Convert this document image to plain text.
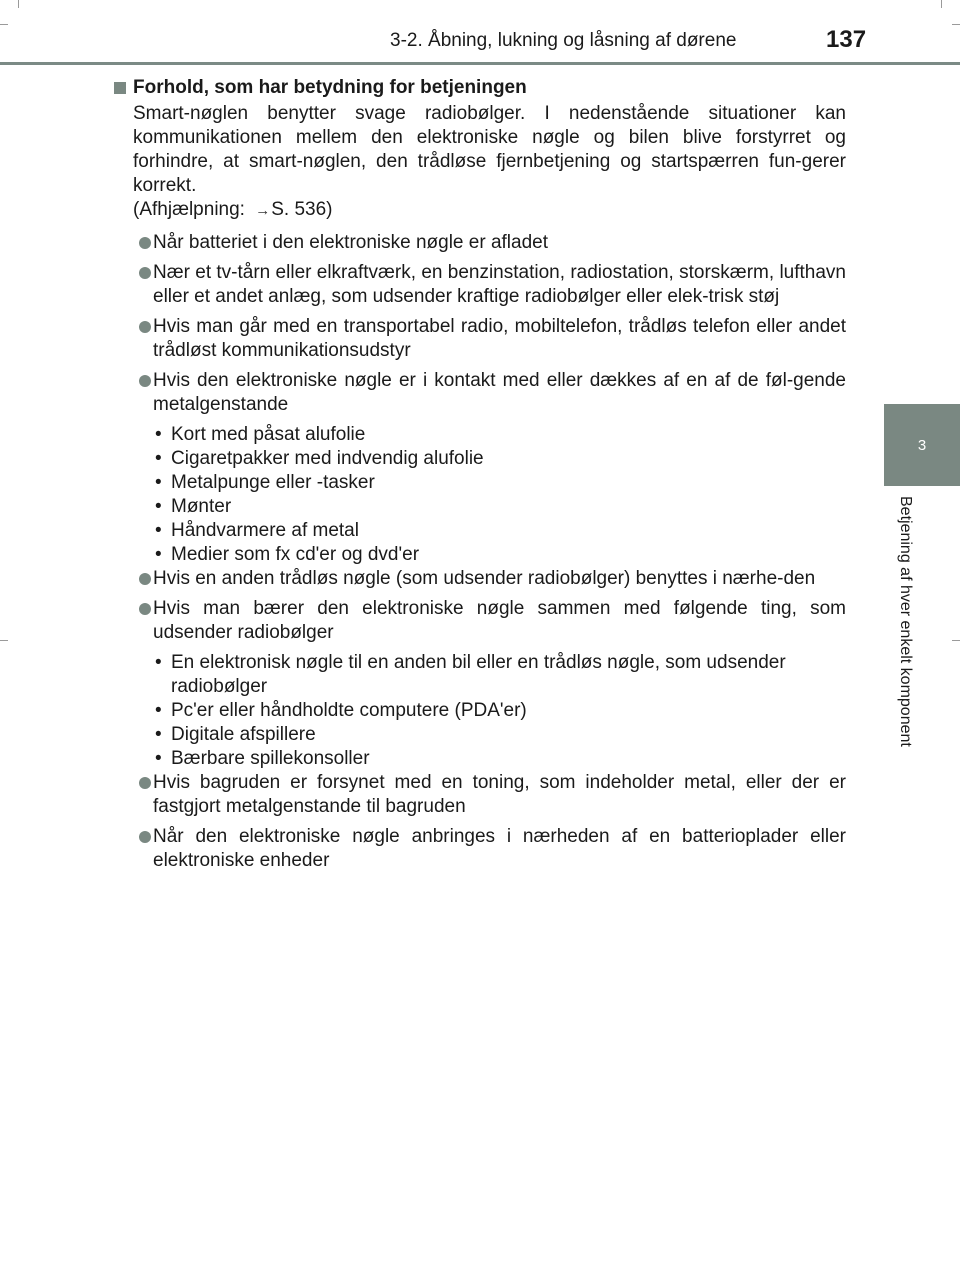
3-2. Åbning, lukning og låsning af dørene	137
3
Betjening af hver enkelt komponent
Forhold, som har betydning for betjeningen

Smart-nøglen benytter svage radiobølger. I nedenstående situationer kan kommunikationen mellem den elektroniske nøgle og bilen blive forstyrret og forhindre, at smart-nøglen, den trådløse fjernbetjening og startspærren fun-gerer korrekt.

(Afhjælpning: →S. 536)

Når batteriet i den elektroniske nøgle er afladet
Nær et tv-tårn eller elkraftværk, en benzinstation, radiostation, storskærm, lufthavn eller et andet anlæg, som udsender kraftige radiobølger eller elek-trisk støj
Hvis man går med en transportabel radio, mobiltelefon, trådløs telefon eller andet trådløst kommunikationsudstyr
Hvis den elektroniske nøgle er i kontakt med eller dækkes af en af de føl-gende metalgenstande
• Kort med påsat alufolie
• Cigaretpakker med indvendig alufolie
• Metalpunge eller -tasker
• Mønter
• Håndvarmere af metal
• Medier som fx cd'er og dvd'er
Hvis en anden trådløs nøgle (som udsender radiobølger) benyttes i nærhe-den
Hvis man bærer den elektroniske nøgle sammen med følgende ting, som udsender radiobølger
• En elektronisk nøgle til en anden bil eller en trådløs nøgle, som udsender radiobølger
• Pc'er eller håndholdte computere (PDA'er)
• Digitale afspillere
• Bærbare spillekonsoller
Hvis bagruden er forsynet med en toning, som indeholder metal, eller der er fastgjort metalgenstande til bagruden
Når den elektroniske nøgle anbringes i nærheden af en batterioplader eller elektroniske enheder
